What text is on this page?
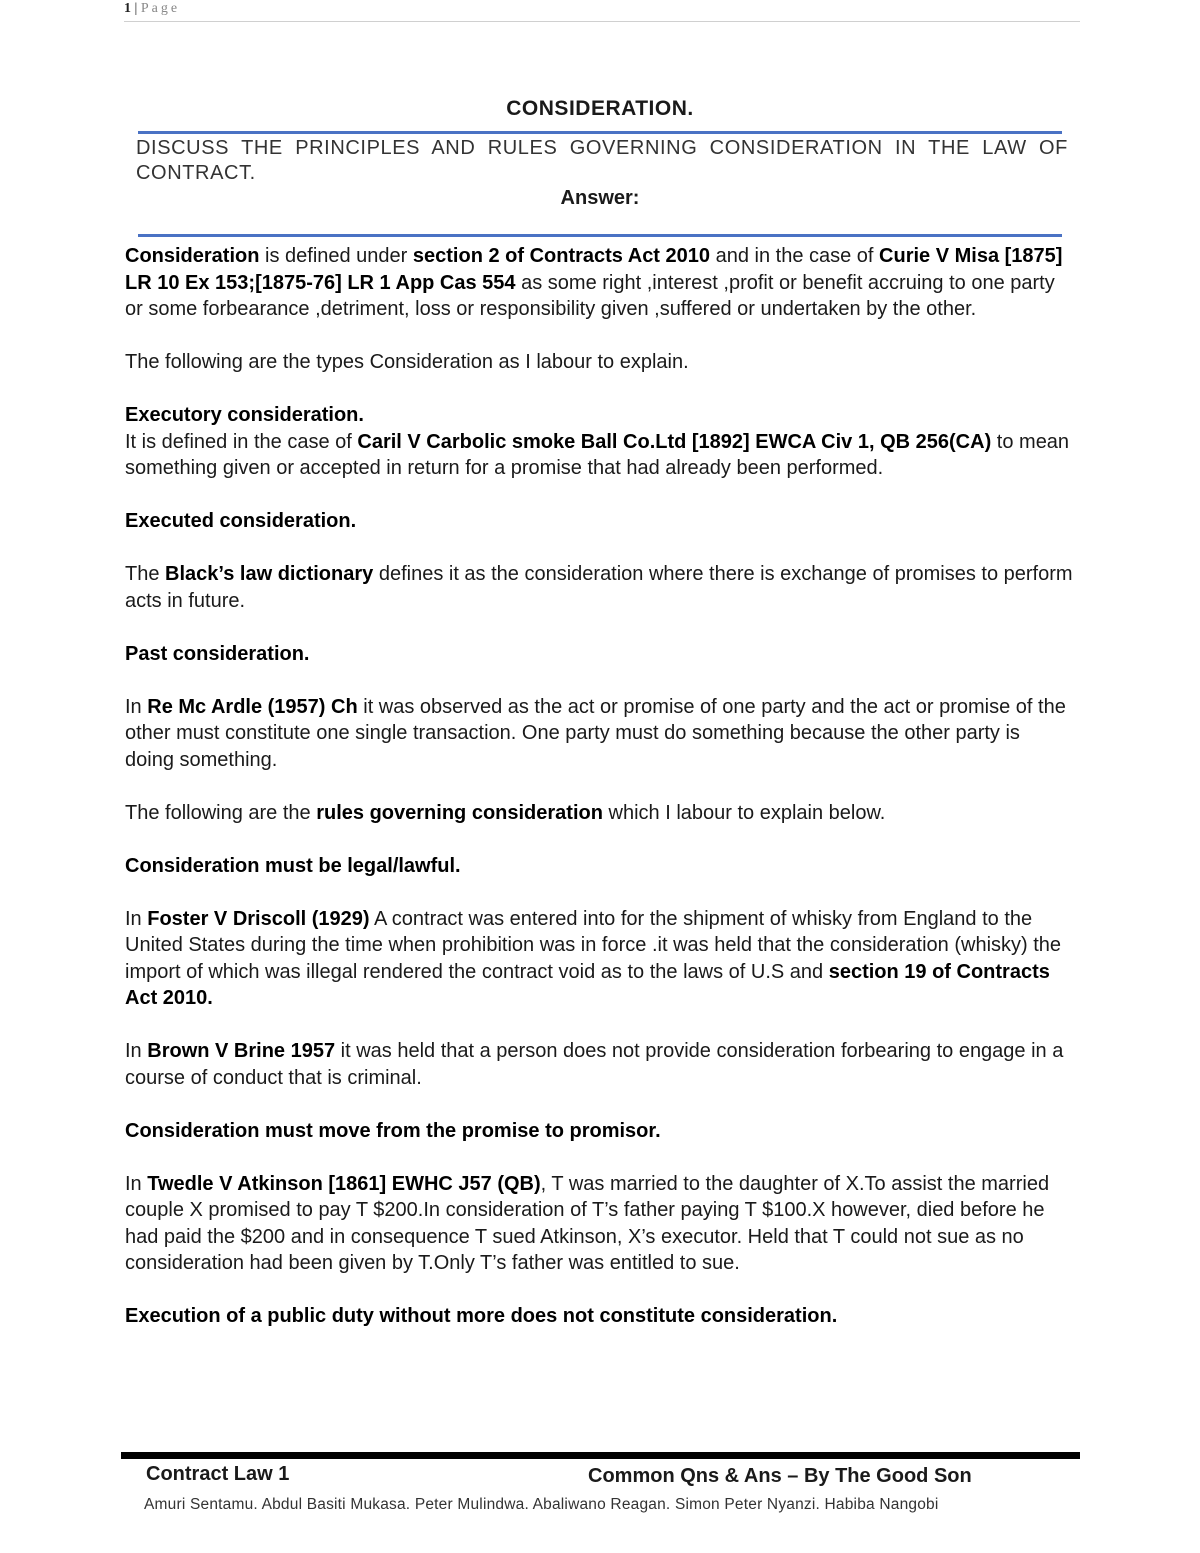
1 | Page
CONSIDERATION.
DISCUSS THE PRINCIPLES AND RULES GOVERNING CONSIDERATION IN THE LAW OF CONTRACT.
Answer:

Consideration is defined under section 2 of Contracts Act 2010 and in the case of Curie V Misa [1875] LR 10 Ex 153;[1875-76] LR 1 App Cas 554 as some right ,interest ,profit or benefit accruing to one party or some forbearance ,detriment, loss or responsibility given ,suffered or undertaken by the other.

The following are the types Consideration as I labour to explain.

Executory consideration.

It is defined in the case of Caril V Carbolic smoke Ball Co.Ltd [1892] EWCA Civ 1, QB 256(CA) to mean something given or accepted in return for a promise that had already been performed.

Executed consideration.

The Black’s law dictionary defines it as the consideration where there is exchange of promises to perform acts in future.

Past consideration.

In Re Mc Ardle (1957) Ch it was observed as the act or promise of one party and the act or promise of the other must constitute one single transaction. One party must do something because the other party is doing something.

The following are the rules governing consideration which I labour to explain below.

Consideration must be legal/lawful.

In Foster V Driscoll (1929) A contract was entered into for the shipment of whisky from England to the United States during the time when prohibition was in force .it was held that the consideration (whisky) the import of which was illegal rendered the contract void as to the laws of U.S and section 19 of Contracts Act 2010.

In Brown V Brine 1957 it was held that a person does not provide consideration forbearing to engage in a course of conduct that is criminal.

Consideration must move from the promise to promisor.

In Twedle V Atkinson [1861] EWHC J57 (QB), T was married to the daughter of X.To assist the married couple X promised to pay T $200.In consideration of T’s father paying T $100.X however, died before he had paid the $200 and in consequence T sued Atkinson, X’s executor. Held that T could not sue as no consideration had been given by T.Only T’s father was entitled to sue.

Execution of a public duty without more does not constitute consideration.

Contract Law 1	Common Qns & Ans – By The Good Son
Amuri Sentamu. Abdul Basiti Mukasa. Peter Mulindwa. Abaliwano Reagan. Simon Peter Nyanzi. Habiba Nangobi
